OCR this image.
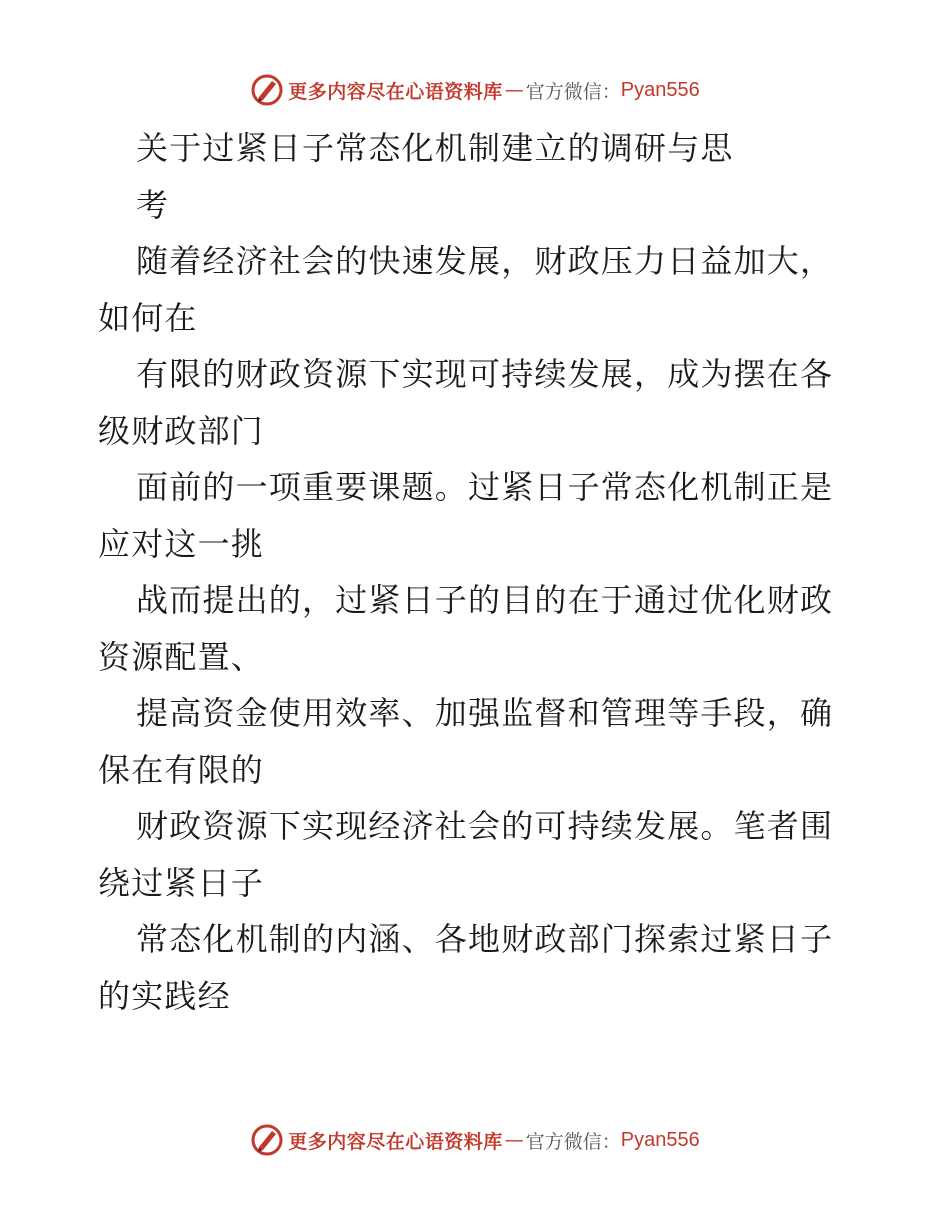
更多内容尽在心语资料库 — 官方微信： Pyan556
关于过紧日子常态化机制建立的调研与思
考
随着经济社会的快速发展，财政压力日益加大，
如何在
有限的财政资源下实现可持续发展，成为摆在各
级财政部门
面前的一项重要课题。过紧日子常态化机制正是
应对这一挑
战而提出的，过紧日子的目的在于通过优化财政
资源配置、
提高资金使用效率、加强监督和管理等手段，确
保在有限的
财政资源下实现经济社会的可持续发展。笔者围
绕过紧日子
常态化机制的内涵、各地财政部门探索过紧日子
的实践经
更多内容尽在心语资料库 — 官方微信： Pyan556
